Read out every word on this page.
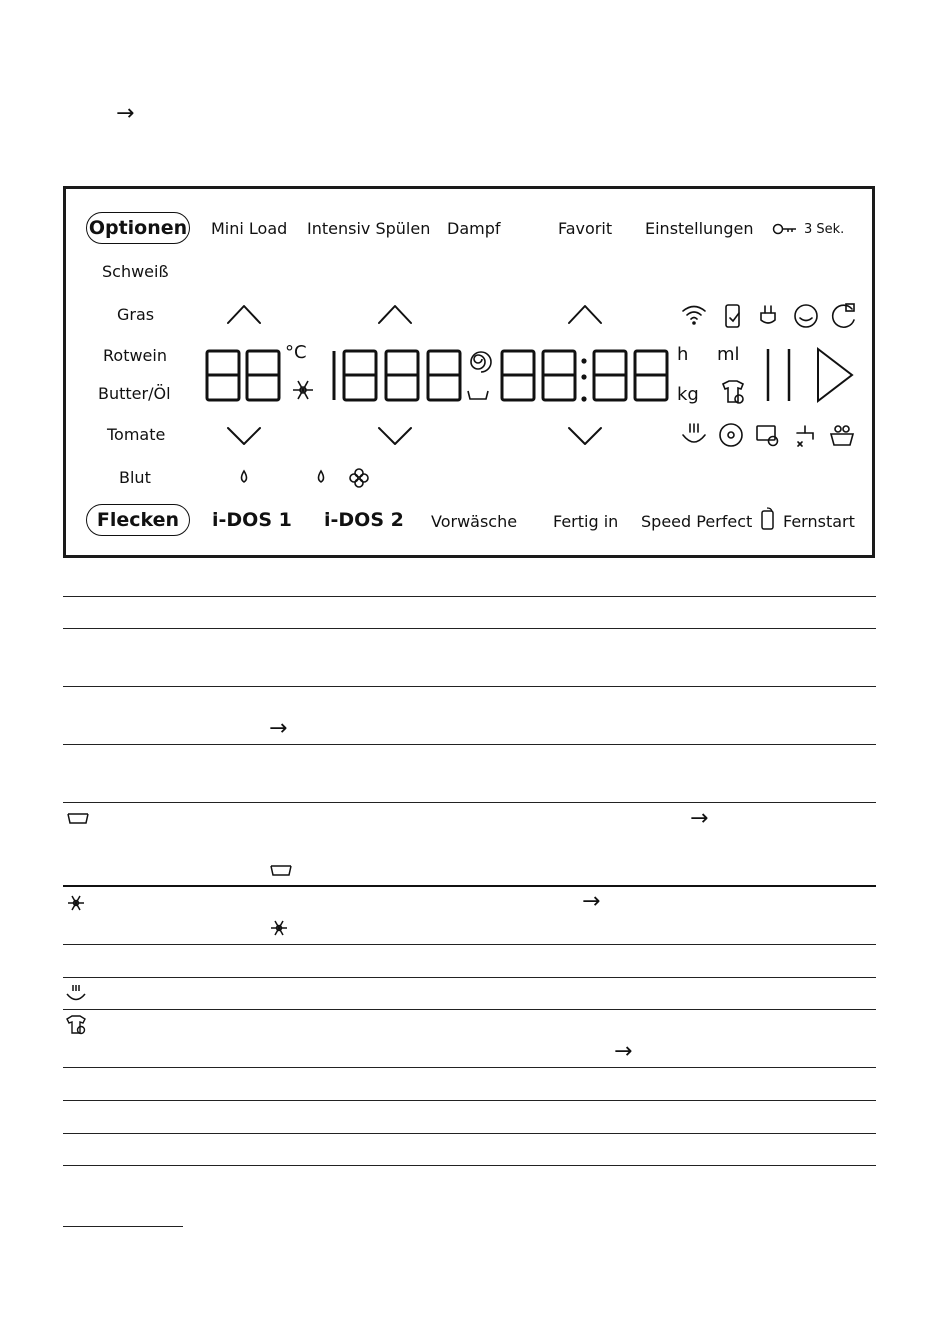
→
Optionen
Flecken
Mini Load Intensiv Spülen Dampf	Favorit Einstellungen	3 Sek.
Schweiß
Gras
Rotwein
Butter/Öl
Tomate
Blut
i-DOS 1 i-DOS 2 Vorwäsche Fertig in Speed Perfect Fernstart
°C	h ml
kg
→
→
→
→
